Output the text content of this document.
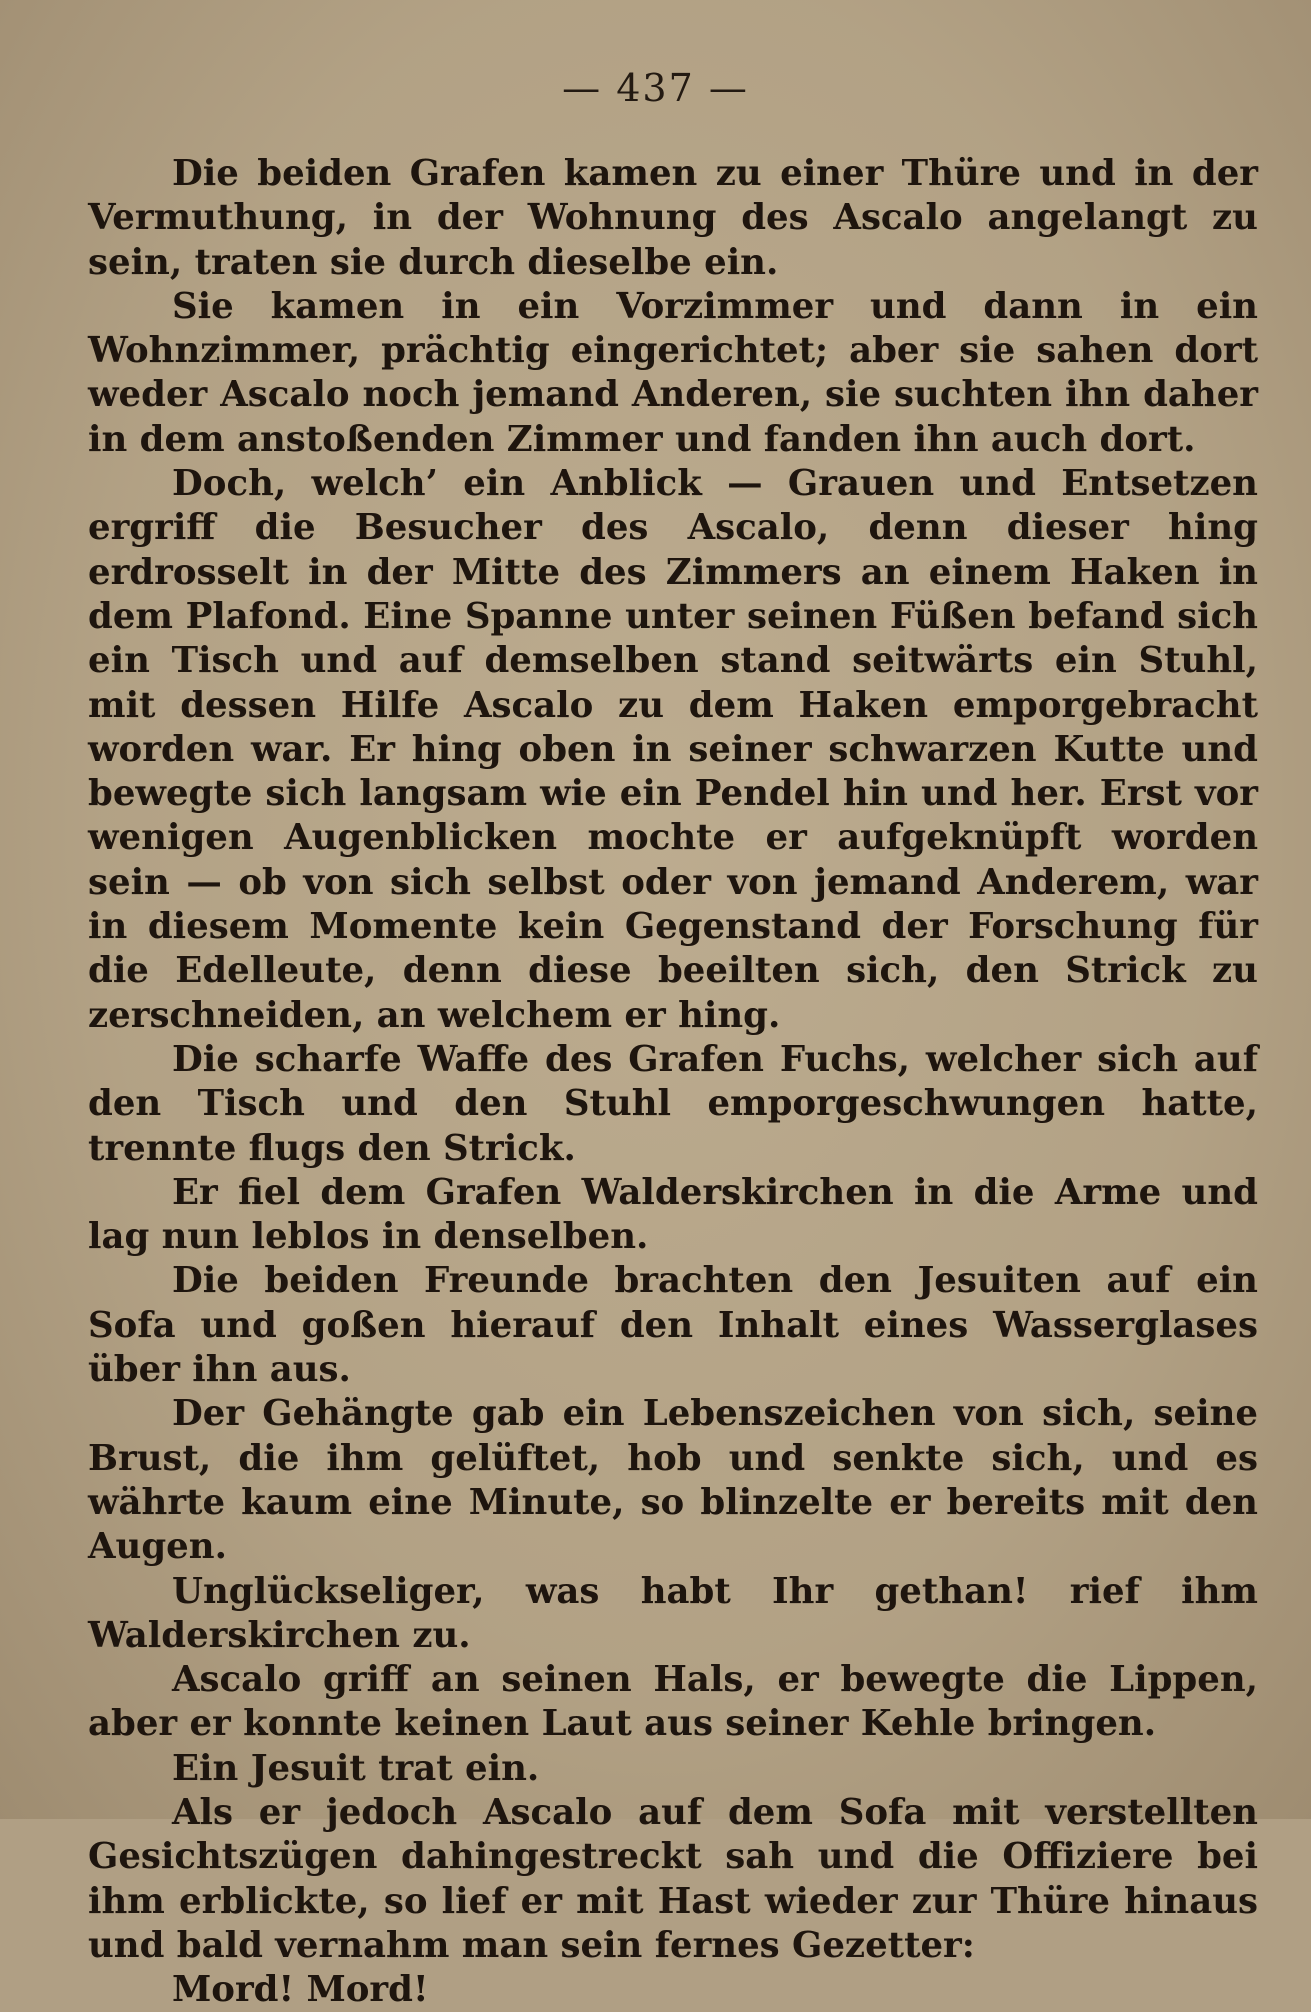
— 437 —

Die beiden Grafen kamen zu einer Thüre und in der Vermuthung, in der Wohnung des Ascalo angelangt zu sein, traten sie durch dieselbe ein.

Sie kamen in ein Vorzimmer und dann in ein Wohnzimmer, prächtig eingerichtet; aber sie sahen dort weder Ascalo noch jemand Anderen, sie suchten ihn daher in dem anstoßenden Zimmer und fanden ihn auch dort.

Doch, welch’ ein Anblick — Grauen und Entsetzen ergriff die Besucher des Ascalo, denn dieser hing erdrosselt in der Mitte des Zimmers an einem Haken in dem Plafond. Eine Spanne unter seinen Füßen befand sich ein Tisch und auf demselben stand seitwärts ein Stuhl, mit dessen Hilfe Ascalo zu dem Haken emporgebracht worden war. Er hing oben in seiner schwarzen Kutte und bewegte sich langsam wie ein Pendel hin und her. Erst vor wenigen Augenblicken mochte er aufgeknüpft worden sein — ob von sich selbst oder von jemand Anderem, war in diesem Momente kein Gegenstand der Forschung für die Edelleute, denn diese beeilten sich, den Strick zu zerschneiden, an welchem er hing.

Die scharfe Waffe des Grafen Fuchs, welcher sich auf den Tisch und den Stuhl emporgeschwungen hatte, trennte flugs den Strick.

Er fiel dem Grafen Walderskirchen in die Arme und lag nun leblos in denselben.

Die beiden Freunde brachten den Jesuiten auf ein Sofa und goßen hierauf den Inhalt eines Wasserglases über ihn aus.

Der Gehängte gab ein Lebenszeichen von sich, seine Brust, die ihm gelüftet, hob und senkte sich, und es währte kaum eine Minute, so blinzelte er bereits mit den Augen.

Unglückseliger, was habt Ihr gethan! rief ihm Walderskirchen zu.

Ascalo griff an seinen Hals, er bewegte die Lippen, aber er konnte keinen Laut aus seiner Kehle bringen.

Ein Jesuit trat ein.

Als er jedoch Ascalo auf dem Sofa mit verstellten Gesichtszügen dahingestreckt sah und die Offiziere bei ihm erblickte, so lief er mit Hast wieder zur Thüre hinaus und bald vernahm man sein fernes Gezetter:

Mord! Mord!
